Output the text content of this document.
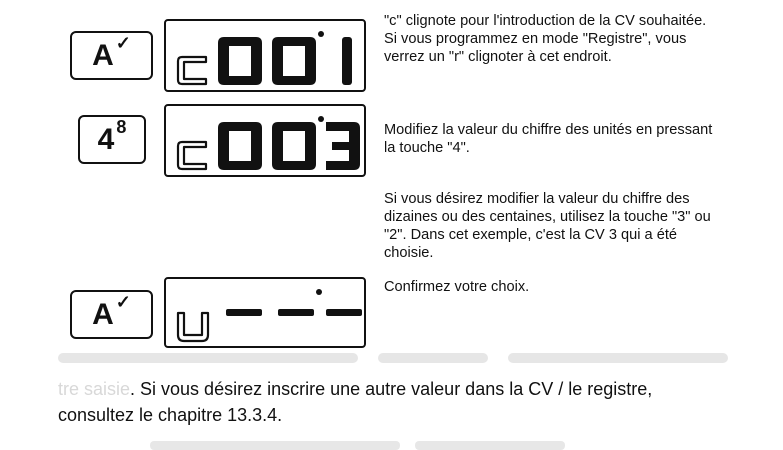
A ✓
"c" clignote pour l'introduction de la CV souhaitée. Si vous programmez en mode "Registre", vous verrez un "r" clignoter à cet endroit.
4 8	Modifiez la valeur du chiffre des unités en pressant la touche "4".
Si vous désirez modifier la valeur du chiffre des dizaines ou des centaines, utilisez la touche "3" ou "2". Dans cet exemple, c'est la CV 3 qui a été choisie.
A ✓
Confirmez votre choix.
tre saisie. Si vous désirez inscrire une autre valeur dans la CV / le registre, consultez le chapitre 13.3.4.
